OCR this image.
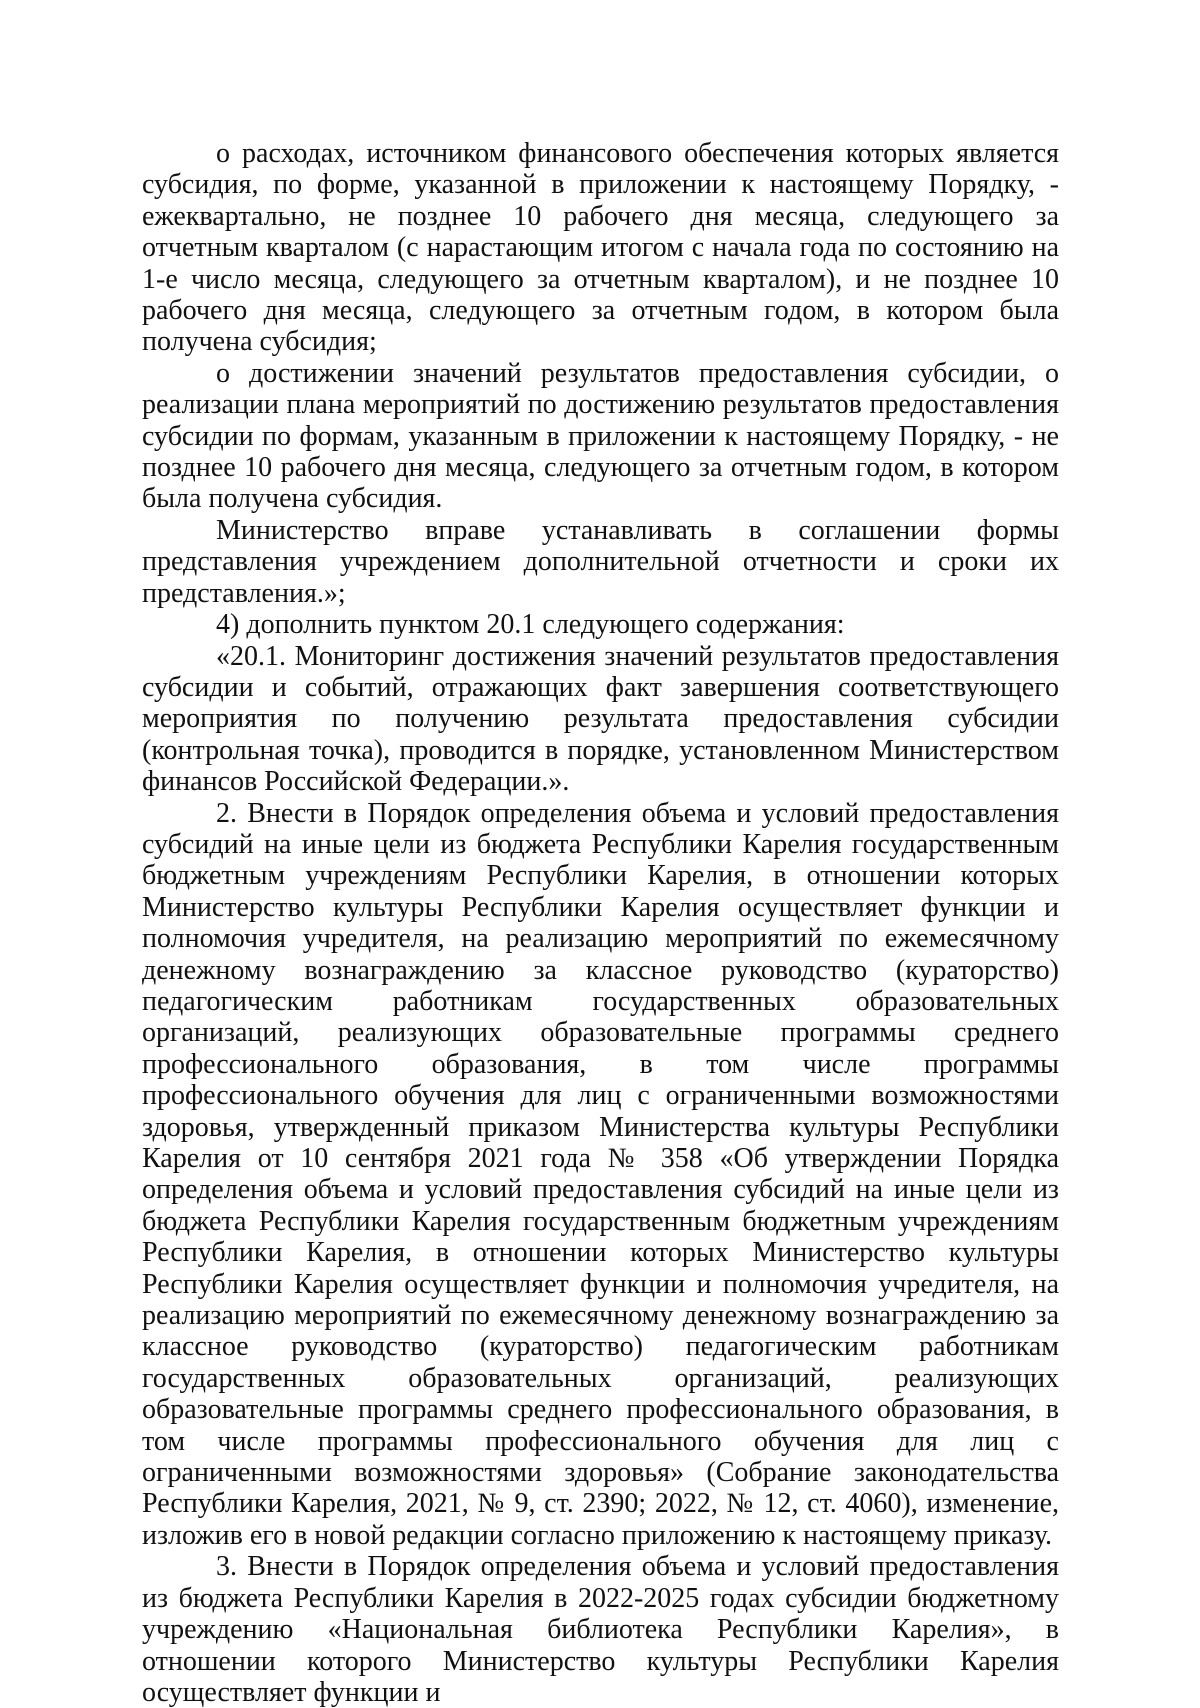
о расходах, источником финансового обеспечения которых является субсидия, по форме, указанной в приложении к настоящему Порядку, - ежеквартально, не позднее 10 рабочего дня месяца, следующего за отчетным кварталом (с нарастающим итогом с начала года по состоянию на 1-е число месяца, следующего за отчетным кварталом), и не позднее 10 рабочего дня месяца, следующего за отчетным годом, в котором была получена субсидия;

о достижении значений результатов предоставления субсидии, о реализации плана мероприятий по достижению результатов предоставления субсидии по формам, указанным в приложении к настоящему Порядку, - не позднее 10 рабочего дня месяца, следующего за отчетным годом, в котором была получена субсидия.

Министерство вправе устанавливать в соглашении формы представления учреждением дополнительной отчетности и сроки их представления.»;

4) дополнить пунктом 20.1 следующего содержания:

«20.1. Мониторинг достижения значений результатов предоставления субсидии и событий, отражающих факт завершения соответствующего мероприятия по получению результата предоставления субсидии (контрольная точка), проводится в порядке, установленном Министерством финансов Российской Федерации.».

2. Внести в Порядок определения объема и условий предоставления субсидий на иные цели из бюджета Республики Карелия государственным бюджетным учреждениям Республики Карелия, в отношении которых Министерство культуры Республики Карелия осуществляет функции и полномочия учредителя, на реализацию мероприятий по ежемесячному денежному вознаграждению за классное руководство (кураторство) педагогическим работникам государственных образовательных организаций, реализующих образовательные программы среднего профессионального образования, в том числе программы профессионального обучения для лиц с ограниченными возможностями здоровья, утвержденный приказом Министерства культуры Республики Карелия от 10 сентября 2021 года № 358 «Об утверждении Порядка определения объема и условий предоставления субсидий на иные цели из бюджета Республики Карелия государственным бюджетным учреждениям Республики Карелия, в отношении которых Министерство культуры Республики Карелия осуществляет функции и полномочия учредителя, на реализацию мероприятий по ежемесячному денежному вознаграждению за классное руководство (кураторство) педагогическим работникам государственных образовательных организаций, реализующих образовательные программы среднего профессионального образования, в том числе программы профессионального обучения для лиц с ограниченными возможностями здоровья» (Собрание законодательства Республики Карелия, 2021, № 9, ст. 2390; 2022, № 12, ст. 4060), изменение, изложив его в новой редакции согласно приложению к настоящему приказу.

3. Внести в Порядок определения объема и условий предоставления из бюджета Республики Карелия в 2022-2025 годах субсидии бюджетному учреждению «Национальная библиотека Республики Карелия», в отношении которого Министерство культуры Республики Карелия осуществляет функции и
